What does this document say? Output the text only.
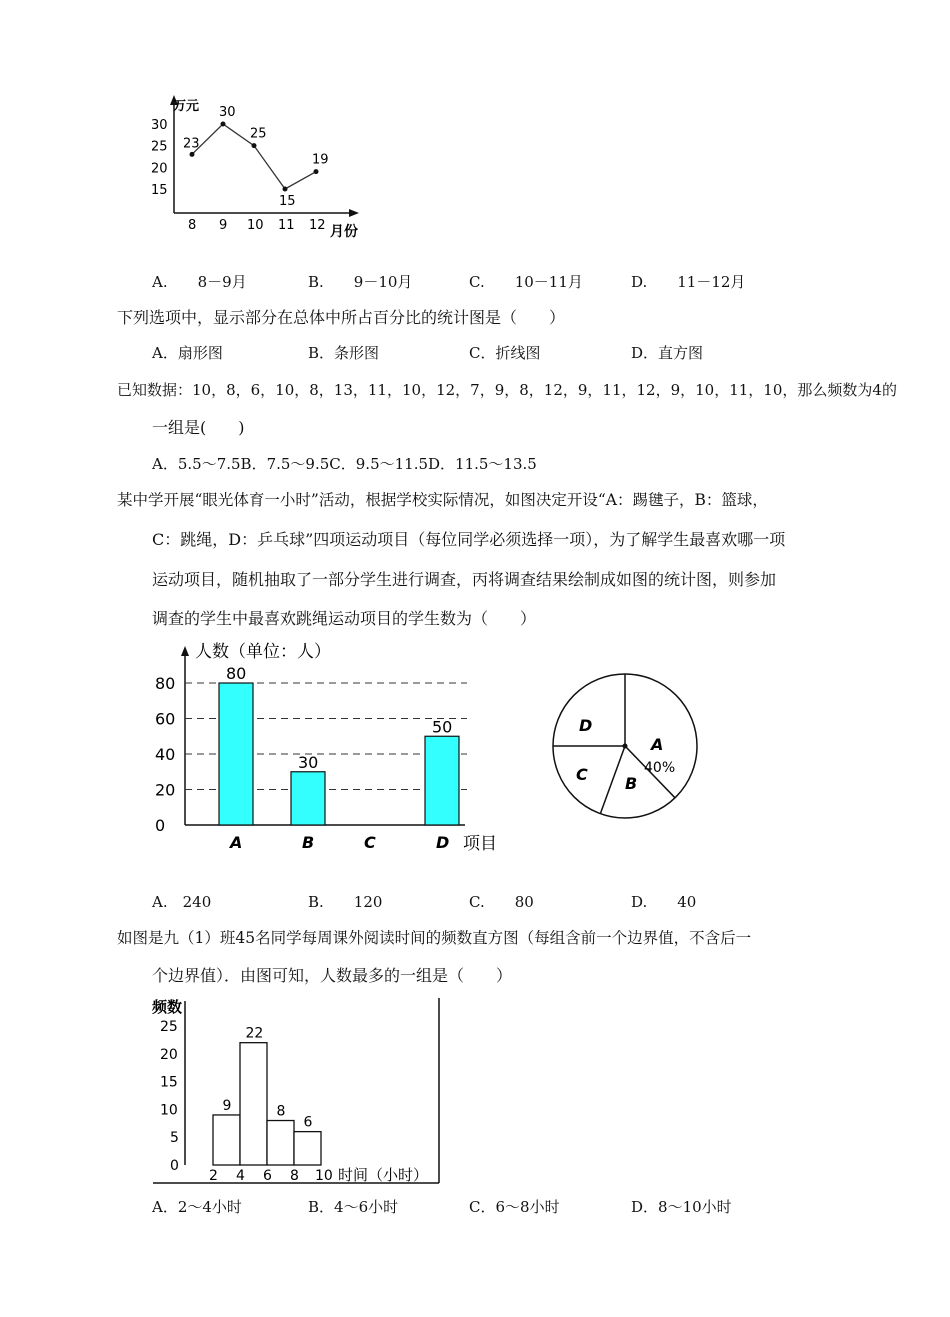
万元
月份
15
20
25
30
23
8
30
9
25
10
15
11
19
12
A.　　8－9月	B.　　9－10月	C.　　10－11月	D.　　11－12月
下列选项中，显示部分在总体中所占百分比的统计图是（　　）
A．扇形图	B．条形图	C．折线图	D．直方图
已知数据：10，8，6，10，8，13，11，10，12，7，9，8，12，9，11，12，9，10，11，10，那么频数为4的
一组是(　　)
A．5.5～7.5B．7.5～9.5C．9.5～11.5D．11.5～13.5
某中学开展“眼光体育一小时”活动，根据学校实际情况，如图决定开设“A：踢毽子，B：篮球，
C：跳绳，D：乒乓球”四项运动项目（每位同学必须选择一项），为了解学生最喜欢哪一项
运动项目，随机抽取了一部分学生进行调查，丙将调查结果绘制成如图的统计图，则参加
调查的学生中最喜欢跳绳运动项目的学生数为（　　）
人数（单位：人）
项目
0
20
40
60
80
80
A
30
B	C
50
D
A
B
C
D
40%
A.　240	B.　　120	C.　　80	D.　　40
如图是九（1）班45名同学每周课外阅读时间的频数直方图（每组含前一个边界值，不含后一
个边界值）．由图可知，人数最多的一组是（　　）
频数
时间（小时）
0
5
10
15
20
25
9
22
8
6
2 4 6 8 10
A．2～4小时	B．4～6小时	C．6～8小时	D．8～10小时
